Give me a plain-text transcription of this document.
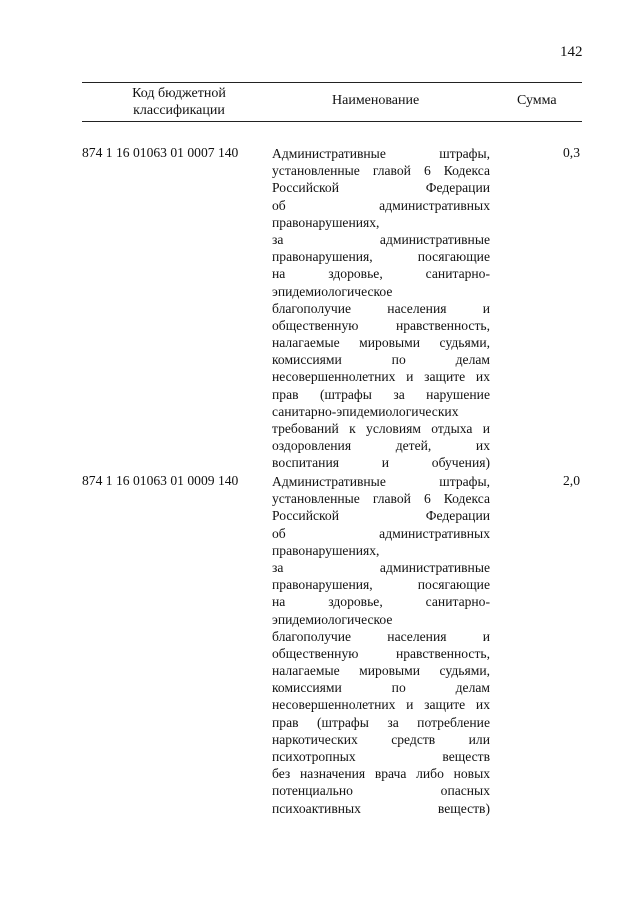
142
Код бюджетной
классификации
Наименование	Сумма
874 1 16 01063 01 0007 140 Административные штрафы,
установленные главой 6 Кодекса
Российской Федерации
об административных
правонарушениях,
за административные
правонарушения, посягающие
на здоровье, санитарно-
эпидемиологическое
благополучие населения и
общественную нравственность,
налагаемые мировыми судьями,
комиссиями по делам
несовершеннолетних и защите их
прав (штрафы за нарушение
санитарно-эпидемиологических
требований к условиям отдыха и
оздоровления детей, их
воспитания и обучения)
0,3
874 1 16 01063 01 0009 140 Административные штрафы,
установленные главой 6 Кодекса
Российской Федерации
об административных
правонарушениях,
за административные
правонарушения, посягающие
на здоровье, санитарно-
эпидемиологическое
благополучие населения и
общественную нравственность,
налагаемые мировыми судьями,
комиссиями по делам
несовершеннолетних и защите их
прав (штрафы за потребление
наркотических средств или
психотропных веществ
без назначения врача либо новых
потенциально опасных
психоактивных веществ)
2,0
